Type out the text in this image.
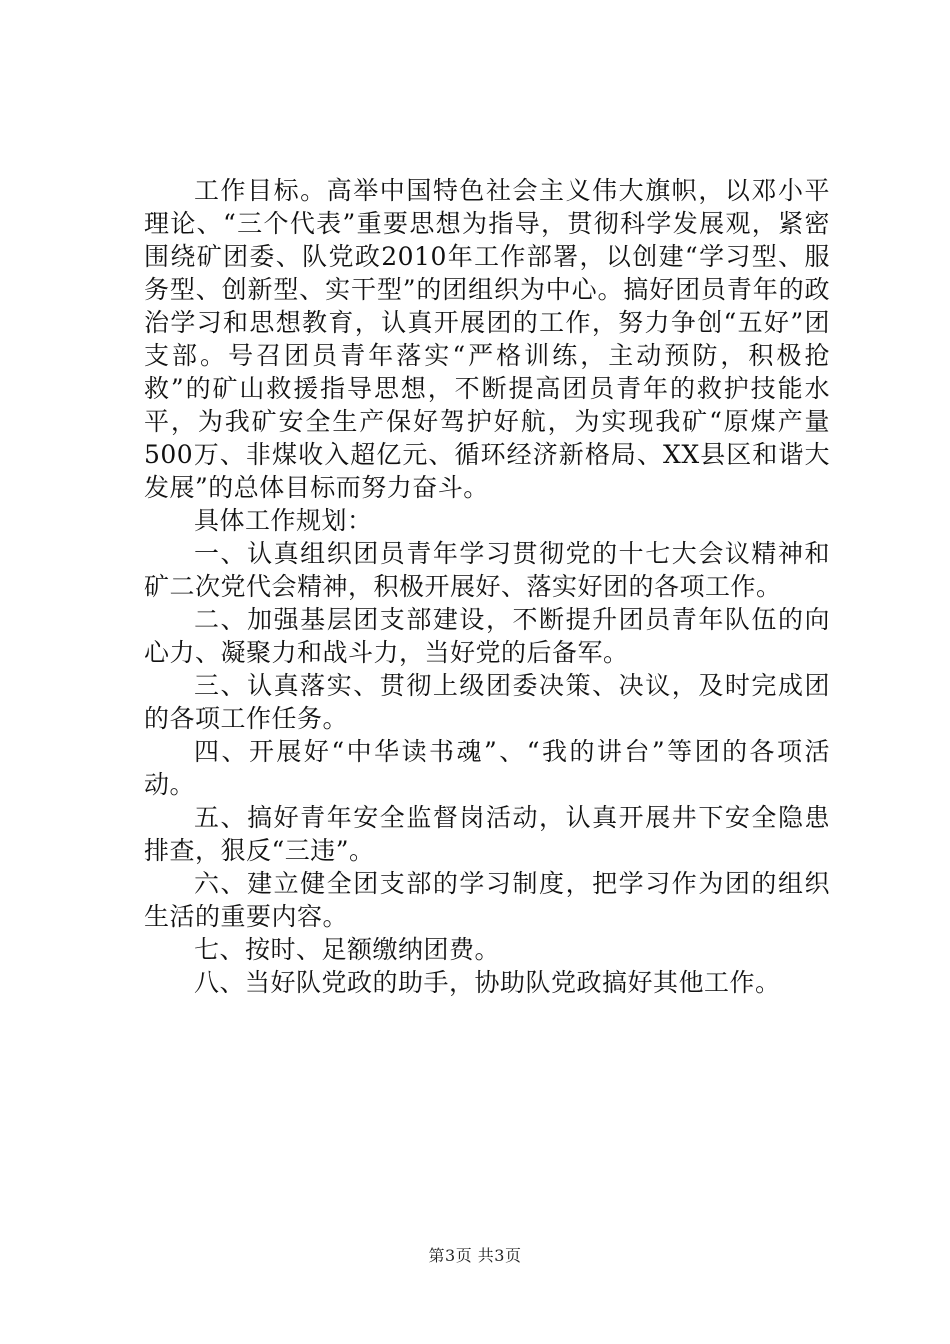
工作目标。高举中国特色社会主义伟大旗帜，以邓小平理论、“三个代表”重要思想为指导，贯彻科学发展观，紧密围绕矿团委、队党政2010年工作部署，以创建“学习型、服务型、创新型、实干型”的团组织为中心。搞好团员青年的政治学习和思想教育，认真开展团的工作，努力争创“五好”团支部。号召团员青年落实“严格训练，主动预防，积极抢救”的矿山救援指导思想，不断提高团员青年的救护技能水平，为我矿安全生产保好驾护好航，为实现我矿“原煤产量500万、非煤收入超亿元、循环经济新格局、XX县区和谐大发展”的总体目标而努力奋斗。

具体工作规划：

一、认真组织团员青年学习贯彻党的十七大会议精神和矿二次党代会精神，积极开展好、落实好团的各项工作。

二、加强基层团支部建设，不断提升团员青年队伍的向心力、凝聚力和战斗力，当好党的后备军。

三、认真落实、贯彻上级团委决策、决议，及时完成团的各项工作任务。

四、开展好“中华读书魂”、“我的讲台”等团的各项活动。

五、搞好青年安全监督岗活动，认真开展井下安全隐患排查，狠反“三违”。

六、建立健全团支部的学习制度，把学习作为团的组织生活的重要内容。

七、按时、足额缴纳团费。

八、当好队党政的助手，协助队党政搞好其他工作。

第3页 共3页
